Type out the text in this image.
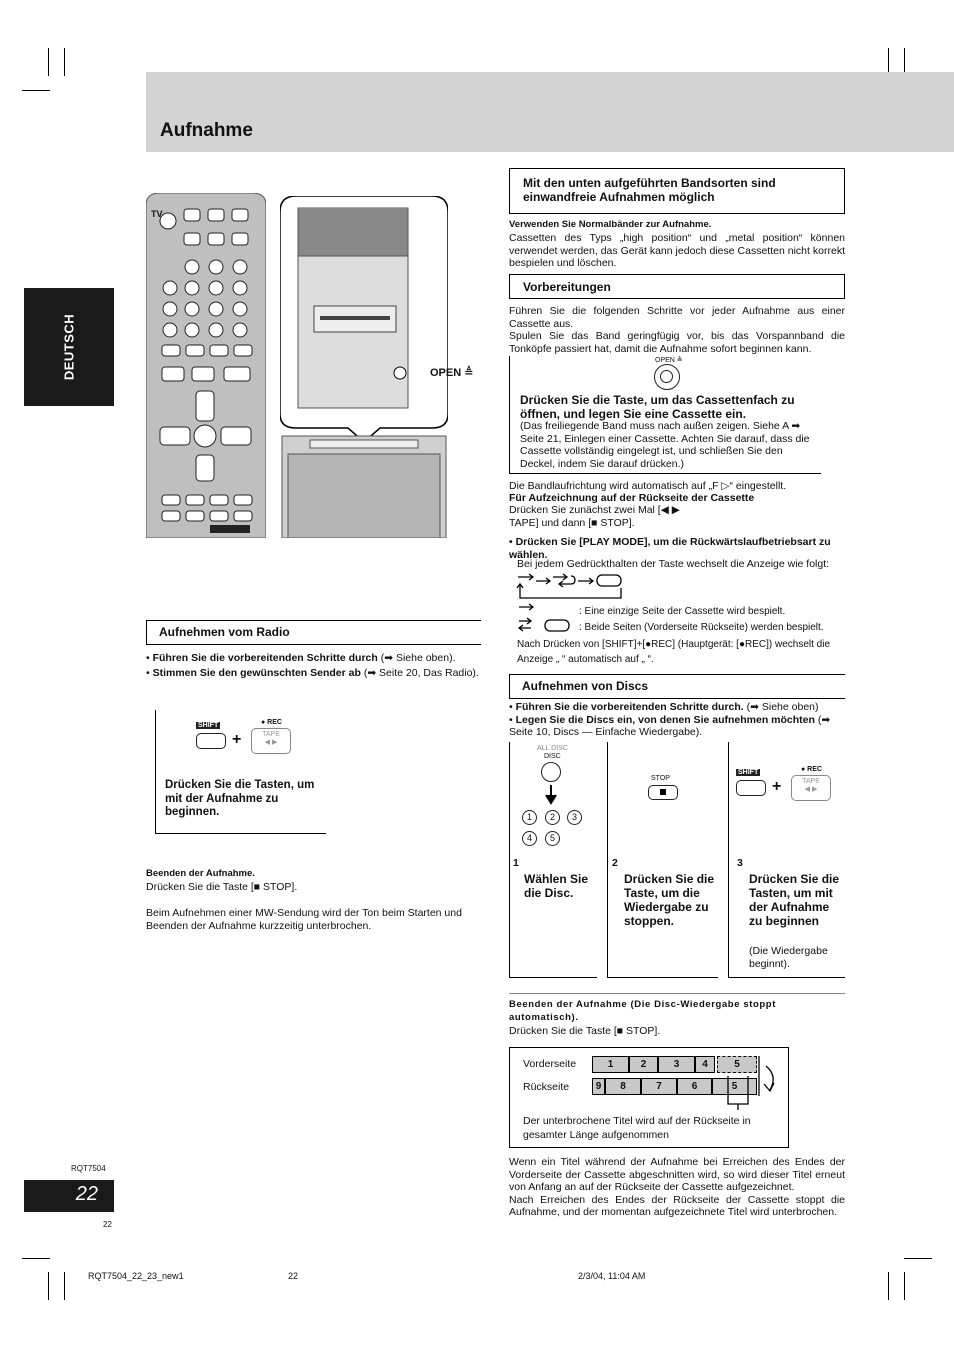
Aufnahme
DEUTSCH
TV
OPEN ≜
Aufnehmen vom Radio
• Führen Sie die vorbereitenden Schritte durch (➡ Siehe oben).
• Stimmen Sie den gewünschten Sender ab (➡ Seite 20, Das Radio).
SHIFT
+
● REC
TAPE
◀ ▶
Drücken Sie die Tasten, um mit der Aufnahme zu beginnen.
Beenden der Aufnahme.
Drücken Sie die Taste [■ STOP].
Beim Aufnehmen einer MW-Sendung wird der Ton beim Starten und Beenden der Aufnahme kurzzeitig unterbrochen.
Mit den unten aufgeführten Bandsorten sind einwandfreie Aufnahmen möglich
Verwenden Sie Normalbänder zur Aufnahme.
Cassetten des Typs „high position“ und „metal position“ können verwendet werden, das Gerät kann jedoch diese Cassetten nicht korrekt bespielen und löschen.
Vorbereitungen
Führen Sie die folgenden Schritte vor jeder Aufnahme aus einer Cassette aus.
Spulen Sie das Band geringfügig vor, bis das Vorspannband die Tonköpfe passiert hat, damit die Aufnahme sofort beginnen kann.
OPEN ≜
Drücken Sie die Taste, um das Cassettenfach zu öffnen, und legen Sie eine Cassette ein.
(Das freiliegende Band muss nach außen zeigen. Siehe A ➡ Seite 21, Einlegen einer Cassette. Achten Sie darauf, dass die Cassette vollständig eingelegt ist, und schließen Sie den Deckel, indem Sie darauf drücken.)
Die Bandlaufrichtung wird automatisch auf „F ▷“ eingestellt.
Für Aufzeichnung auf der Rückseite der Cassette
Drücken Sie zunächst zwei Mal [◀ ▶
TAPE] und dann [■ STOP].
• Drücken Sie [PLAY MODE], um die Rückwärtslaufbetriebsart zu wählen.
Bei jedem Gedrückthalten der Taste wechselt die Anzeige wie folgt:
: Eine einzige Seite der Cassette wird bespielt.
: Beide Seiten (Vorderseite Rückseite) werden bespielt.
Nach Drücken von [SHIFT]+[●REC] (Hauptgerät: [●REC]) wechselt die Anzeige „ “ automatisch auf „ “.
Aufnehmen von Discs
• Führen Sie die vorbereitenden Schritte durch. (➡ Siehe oben)
• Legen Sie die Discs ein, von denen Sie aufnehmen möchten (➡ Seite 10, Discs — Einfache Wiedergabe).
ALL DISC
DISC
1	2	3
4	5
STOP
SHIFT
+
● REC
TAPE
◀ ▶
1
Wählen Sie die Disc.
2
Drücken Sie die Taste, um die Wiedergabe zu stoppen.
3
Drücken Sie die Tasten, um mit der Aufnahme zu beginnen
(Die Wiedergabe beginnt).
Beenden der Aufnahme (Die Disc-Wiedergabe stoppt automatisch).
Drücken Sie die Taste [■ STOP].
Vorderseite
Rückseite
1	2	3	4	5
9	8	7	6	5
Der unterbrochene Titel wird auf der Rückseite in gesamter Länge aufgenommen
Wenn ein Titel während der Aufnahme bei Erreichen des Endes der Vorderseite der Cassette abgeschnitten wird, so wird dieser Titel erneut von Anfang an auf der Rückseite der Cassette aufgezeichnet.
Nach Erreichen des Endes der Rückseite der Cassette stoppt die Aufnahme, und der momentan aufgezeichnete Titel wird unterbrochen.
RQT7504
22
22
RQT7504_22_23_new1	22	2/3/04, 11:04 AM
